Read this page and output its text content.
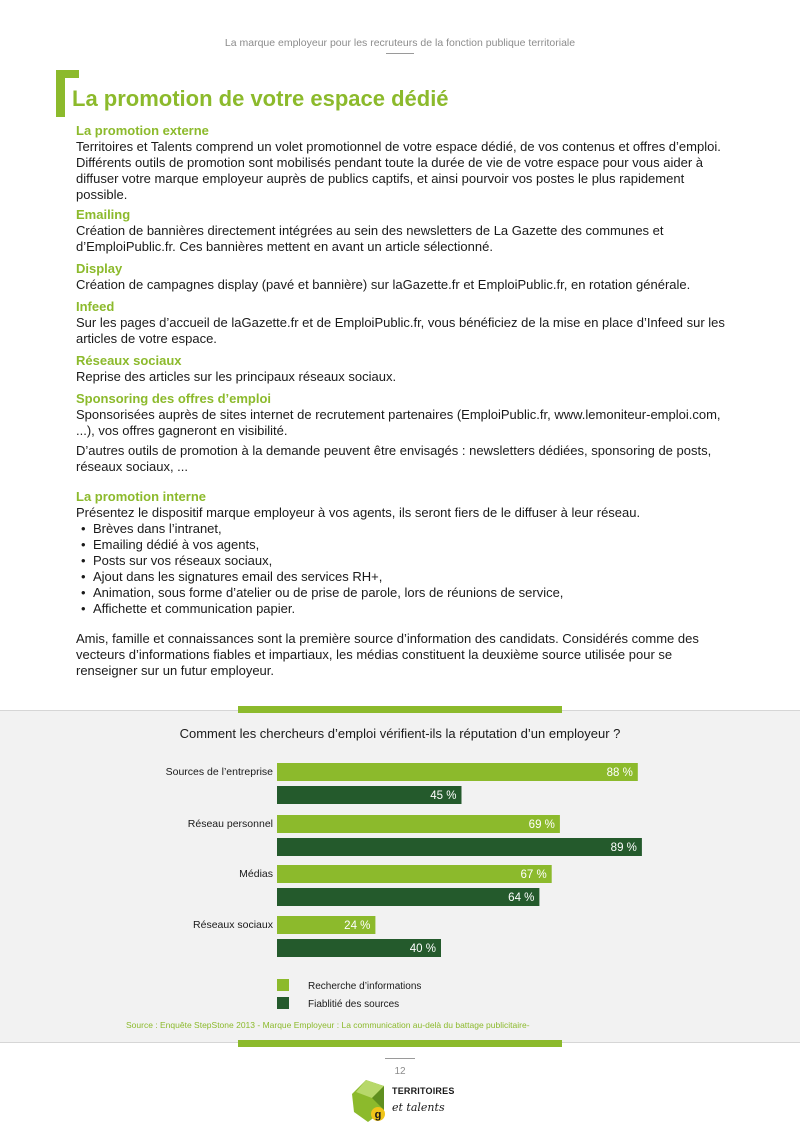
La marque employeur pour les recruteurs de la fonction publique territoriale
La promotion de votre espace dédié
La promotion externe

Territoires et Talents comprend un volet promotionnel de votre espace dédié, de vos contenus et offres d’emploi. Différents outils de promotion sont mobilisés pendant toute la durée de vie de votre espace pour vous aider à diffuser votre marque employeur auprès de publics captifs, et ainsi pourvoir vos postes le plus rapidement possible.

Emailing

Création de bannières directement intégrées au sein des newsletters de La Gazette des communes et d’EmploiPublic.fr. Ces bannières mettent en avant un article sélectionné.

Display

Création de campagnes display (pavé et bannière) sur laGazette.fr et EmploiPublic.fr, en rotation générale.

Infeed

Sur les pages d’accueil de laGazette.fr et de EmploiPublic.fr, vous bénéficiez de la mise en place d’Infeed sur les articles de votre espace.

Réseaux sociaux

Reprise des articles sur les principaux réseaux sociaux.

Sponsoring des offres d’emploi

Sponsorisées auprès de sites internet de recrutement partenaires (EmploiPublic.fr, www.lemoniteur-emploi.com, ...), vos offres gagneront en visibilité.

D’autres outils de promotion à la demande peuvent être envisagés : newsletters dédiées, sponsoring de posts, réseaux sociaux, ...

La promotion interne

Présentez le dispositif marque employeur à vos agents, ils seront fiers de le diffuser à leur réseau.

• Brèves dans l’intranet,
• Emailing dédié à vos agents,
• Posts sur vos réseaux sociaux,
• Ajout dans les signatures email des services RH+,
• Animation, sous forme d’atelier ou de prise de parole, lors de réunions de service,
• Affichette et communication papier.

Amis, famille et connaissances sont la première source d’information des candidats. Considérés comme des vecteurs d’informations fiables et impartiaux, les médias constituent la deuxième source utilisée pour se renseigner sur un futur employeur.

Comment les chercheurs d’emploi vérifient-ils la réputation d’un employeur ?
Sources de l’entreprise	88 %
45 %
Réseau personnel	69 %
89 %
Médias	67 %
64 %
Réseaux sociaux	24 %
40 %
Recherche d’informations
Fiablitié des sources
Source : Enquête StepStone 2013 - Marque Employeur : La communication au-delà du battage publicitaire-
12
g
TERRITOIRES
et talents
